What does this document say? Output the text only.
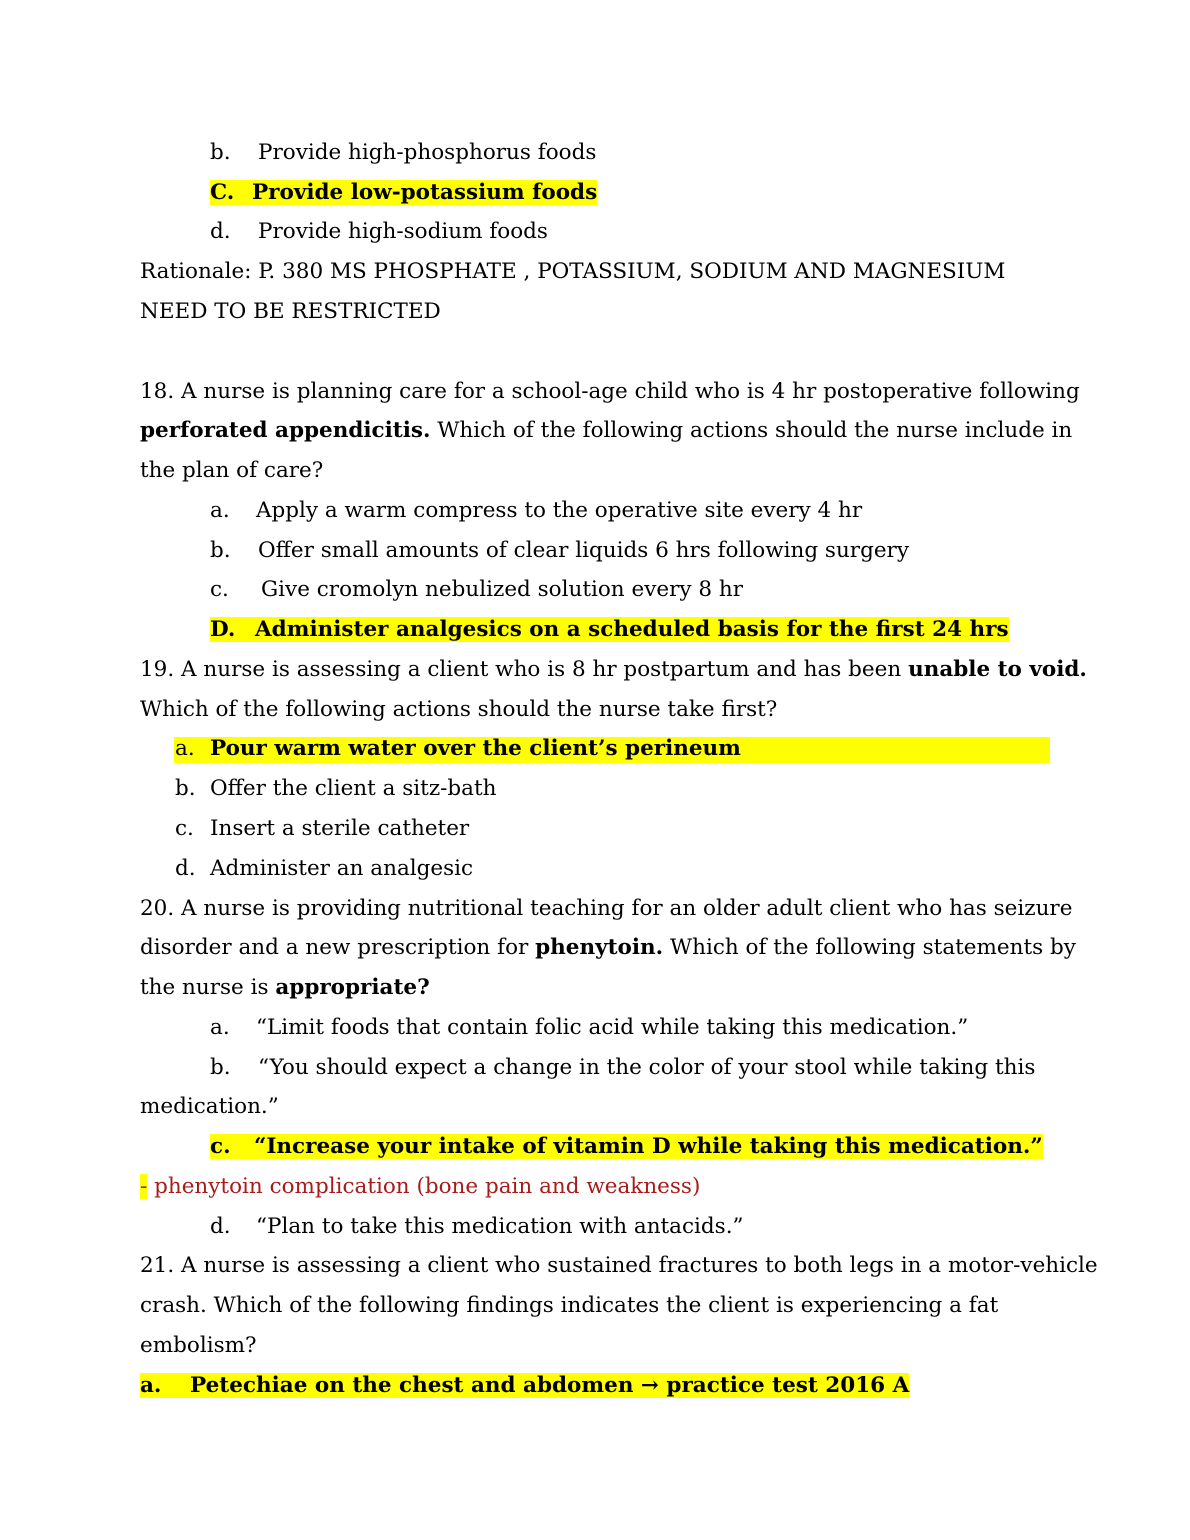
b. Provide high-phosphorus foods
C. Provide low-potassium foods
d. Provide high-sodium foods
Rationale: P. 380 MS PHOSPHATE , POTASSIUM, SODIUM AND MAGNESIUM
NEED TO BE RESTRICTED
18. A nurse is planning care for a school-age child who is 4 hr postoperative following
perforated appendicitis. Which of the following actions should the nurse include in
the plan of care?
a. Apply a warm compress to the operative site every 4 hr
b. Offer small amounts of clear liquids 6 hrs following surgery
c. Give cromolyn nebulized solution every 8 hr
D. Administer analgesics on a scheduled basis for the first 24 hrs
19. A nurse is assessing a client who is 8 hr postpartum and has been unable to void.
Which of the following actions should the nurse take first?
a. Pour warm water over the client’s perineum
b. Offer the client a sitz-bath
c. Insert a sterile catheter
d. Administer an analgesic
20. A nurse is providing nutritional teaching for an older adult client who has seizure
disorder and a new prescription for phenytoin. Which of the following statements by
the nurse is appropriate?
a. “Limit foods that contain folic acid while taking this medication.”
b. “You should expect a change in the color of your stool while taking this
medication.”
c. “Increase your intake of vitamin D while taking this medication.”
- phenytoin complication (bone pain and weakness)
d. “Plan to take this medication with antacids.”
21. A nurse is assessing a client who sustained fractures to both legs in a motor-vehicle
crash. Which of the following findings indicates the client is experiencing a fat
embolism?
a. Petechiae on the chest and abdomen → practice test 2016 A
